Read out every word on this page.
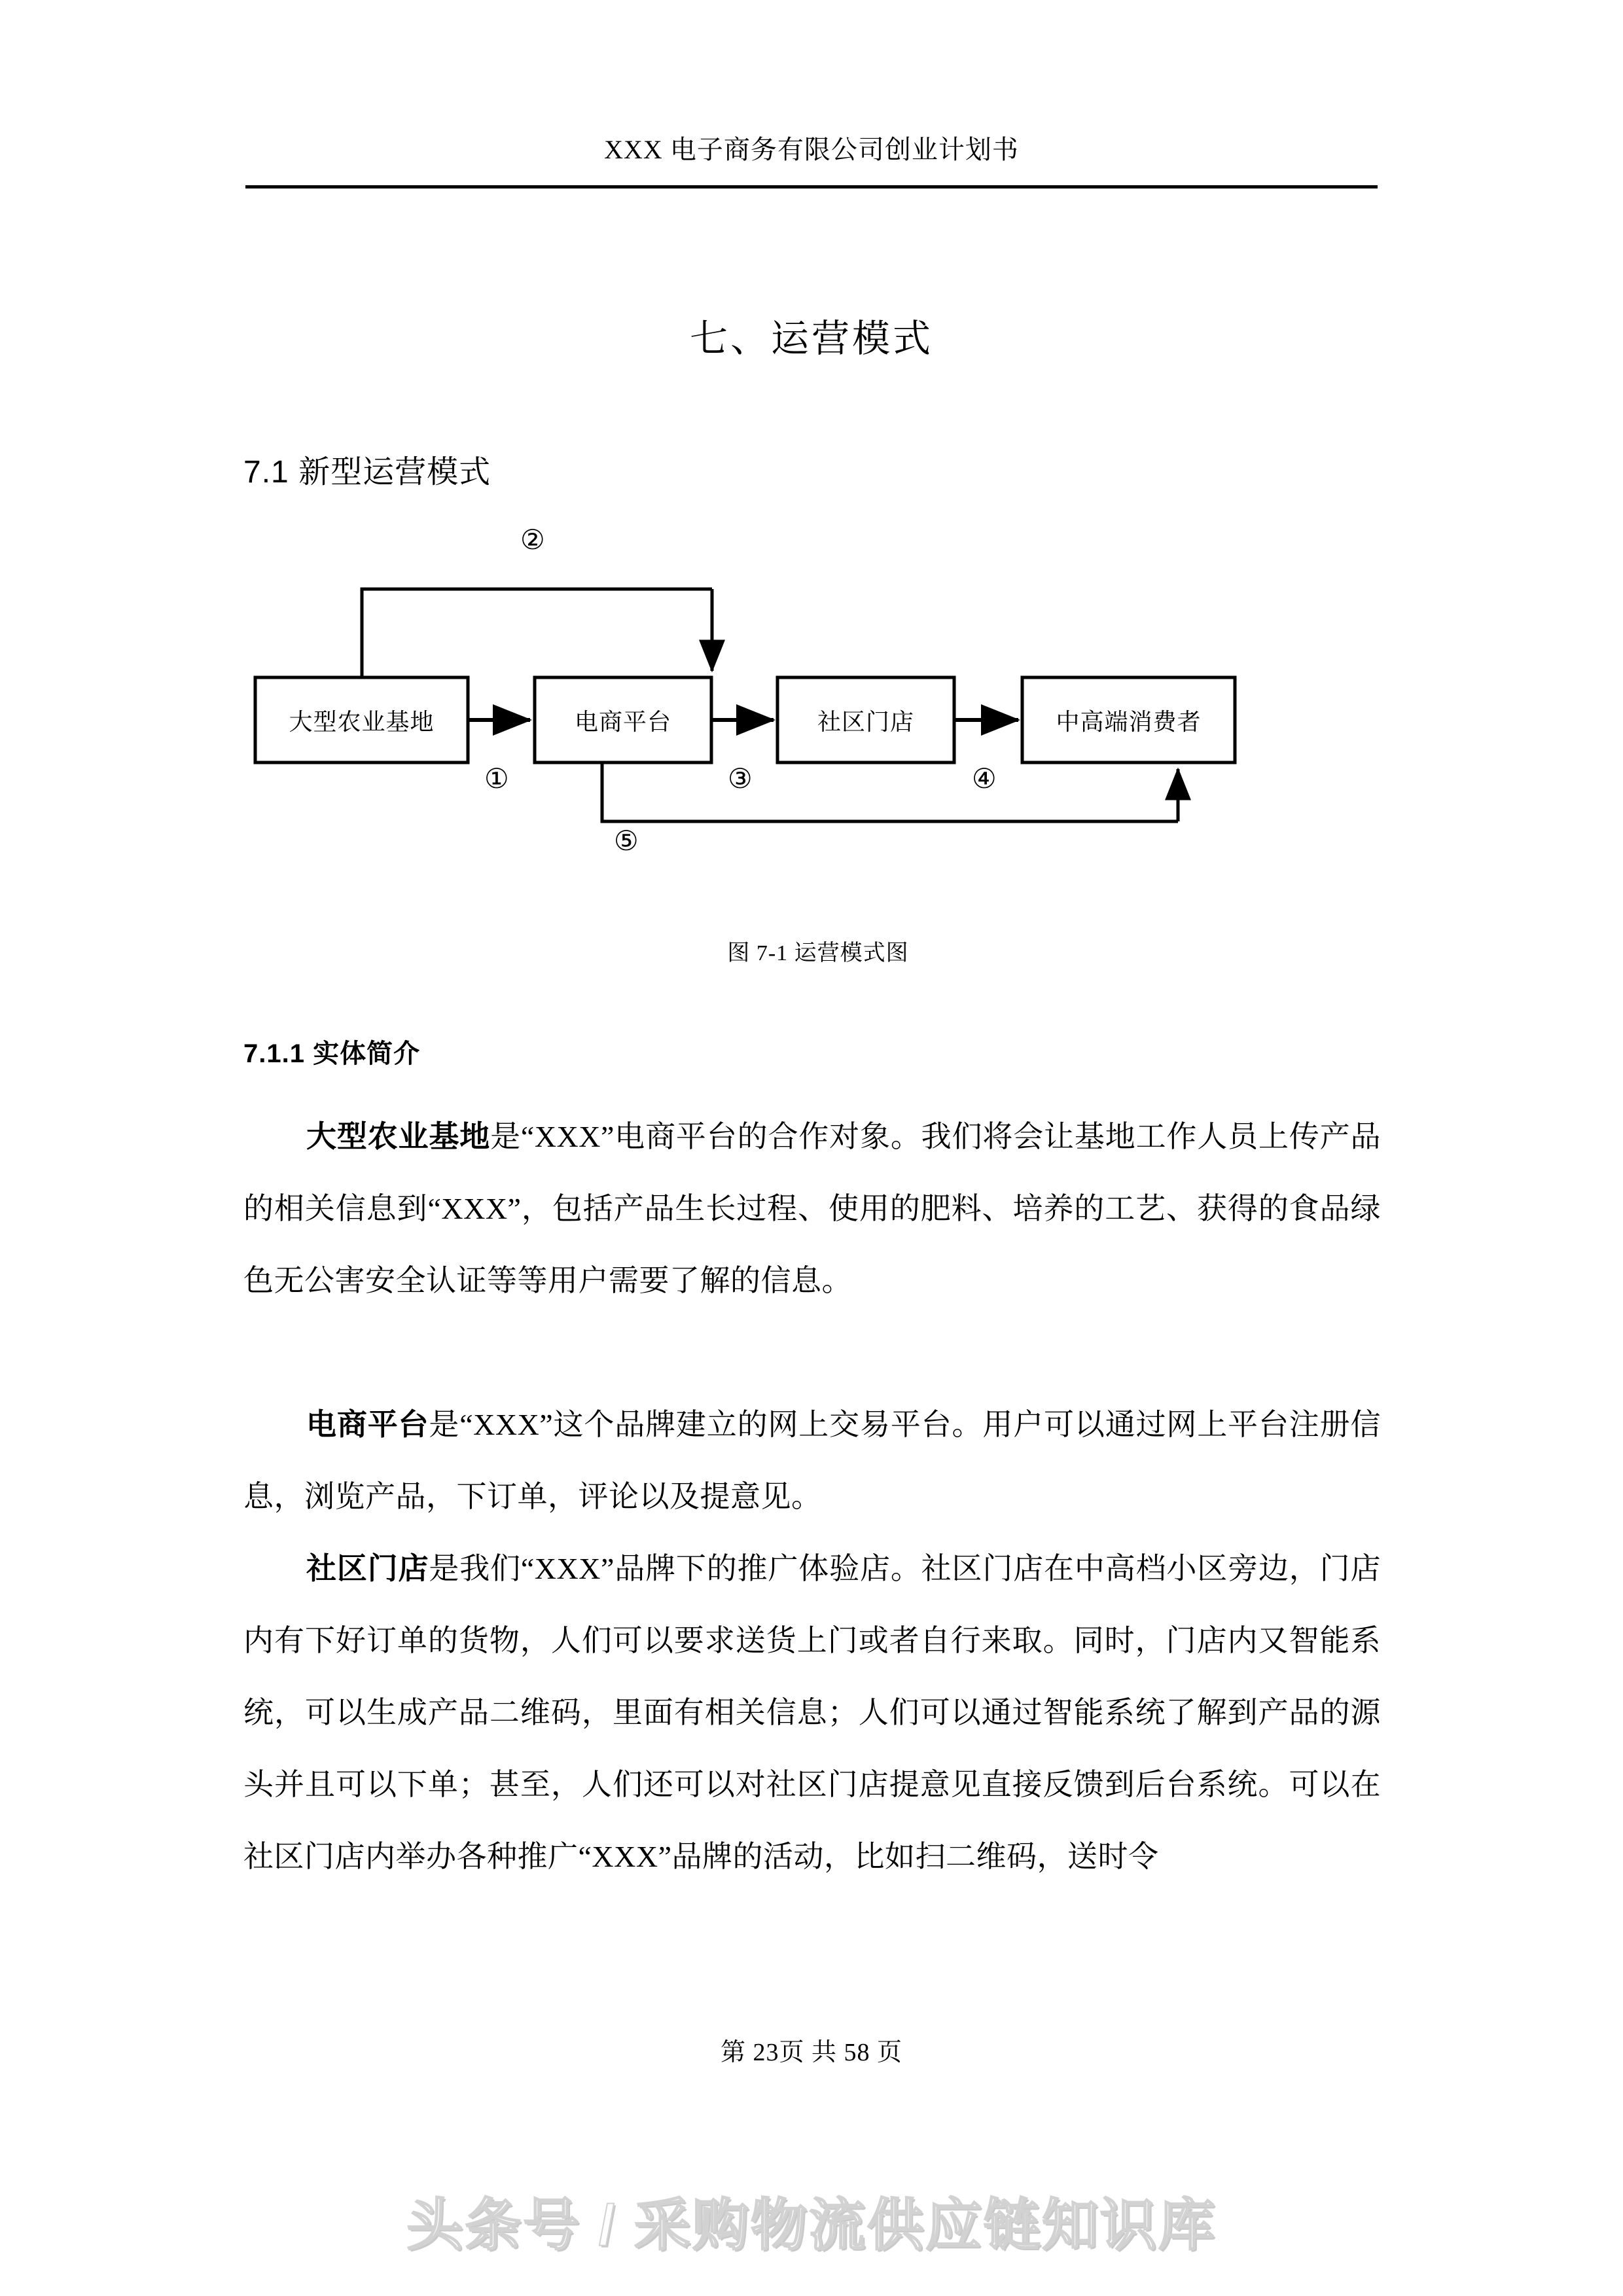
XXX 电子商务有限公司创业计划书
七、运营模式
7.1 新型运营模式
大型农业基地	电商平台	社区门店	中高端消费者
①
②
③	④
⑤
图 7-1 运营模式图
7.1.1 实体简介

大型农业基地是“XXX”电商平台的合作对象。我们将会让基地工作人员上传产品的相关信息到“XXX”，包括产品生长过程、使用的肥料、培养的工艺、获得的食品绿色无公害安全认证等等用户需要了解的信息。

电商平台是“XXX”这个品牌建立的网上交易平台。用户可以通过网上平台注册信息，浏览产品，下订单，评论以及提意见。

社区门店是我们“XXX”品牌下的推广体验店。社区门店在中高档小区旁边，门店内有下好订单的货物，人们可以要求送货上门或者自行来取。同时，门店内又智能系统，可以生成产品二维码，里面有相关信息；人们可以通过智能系统了解到产品的源头并且可以下单；甚至，人们还可以对社区门店提意见直接反馈到后台系统。可以在社区门店内举办各种推广“XXX”品牌的活动，比如扫二维码，送时令

第 23页 共 58 页
头条号 / 采购物流供应链知识库
